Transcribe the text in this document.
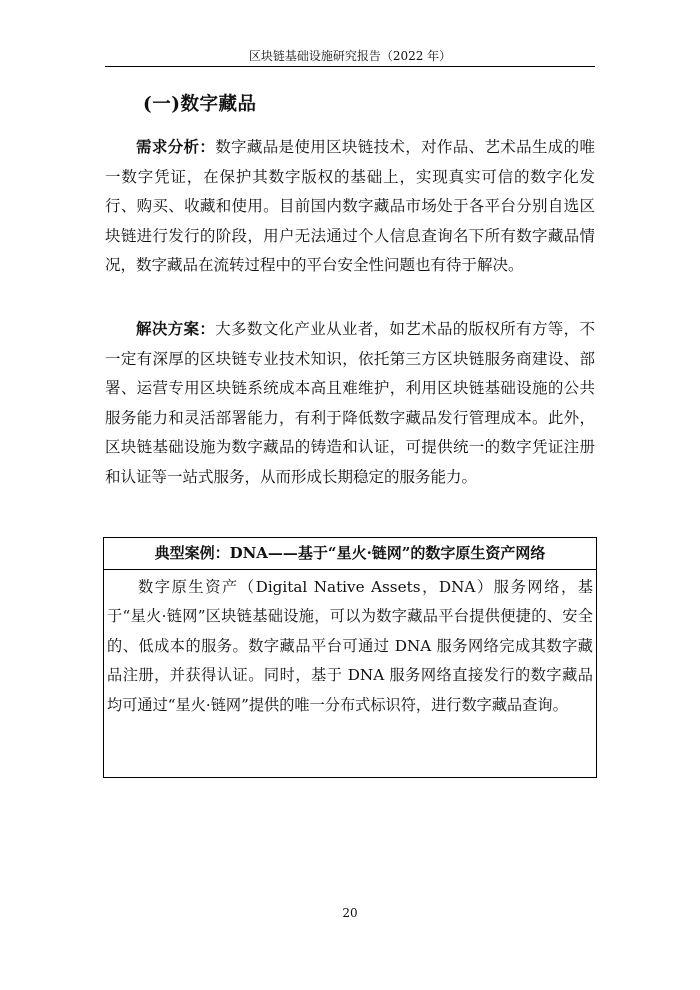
区块链基础设施研究报告（2022 年）
(一)数字藏品
需求分析：数字藏品是使用区块链技术，对作品、艺术品生成的唯一数字凭证，在保护其数字版权的基础上，实现真实可信的数字化发行、购买、收藏和使用。目前国内数字藏品市场处于各平台分别自选区块链进行发行的阶段，用户无法通过个人信息查询名下所有数字藏品情况，数字藏品在流转过程中的平台安全性问题也有待于解决。
解决方案：大多数文化产业从业者，如艺术品的版权所有方等，不一定有深厚的区块链专业技术知识，依托第三方区块链服务商建设、部署、运营专用区块链系统成本高且难维护，利用区块链基础设施的公共服务能力和灵活部署能力，有利于降低数字藏品发行管理成本。此外，区块链基础设施为数字藏品的铸造和认证，可提供统一的数字凭证注册和认证等一站式服务，从而形成长期稳定的服务能力。
典型案例：DNA——基于“星火·链网”的数字原生资产网络
数字原生资产（Digital Native Assets，DNA）服务网络，基于“星火·链网”区块链基础设施，可以为数字藏品平台提供便捷的、安全的、低成本的服务。数字藏品平台可通过 DNA 服务网络完成其数字藏品注册，并获得认证。同时，基于 DNA 服务网络直接发行的数字藏品均可通过“星火·链网”提供的唯一分布式标识符，进行数字藏品查询。
20
